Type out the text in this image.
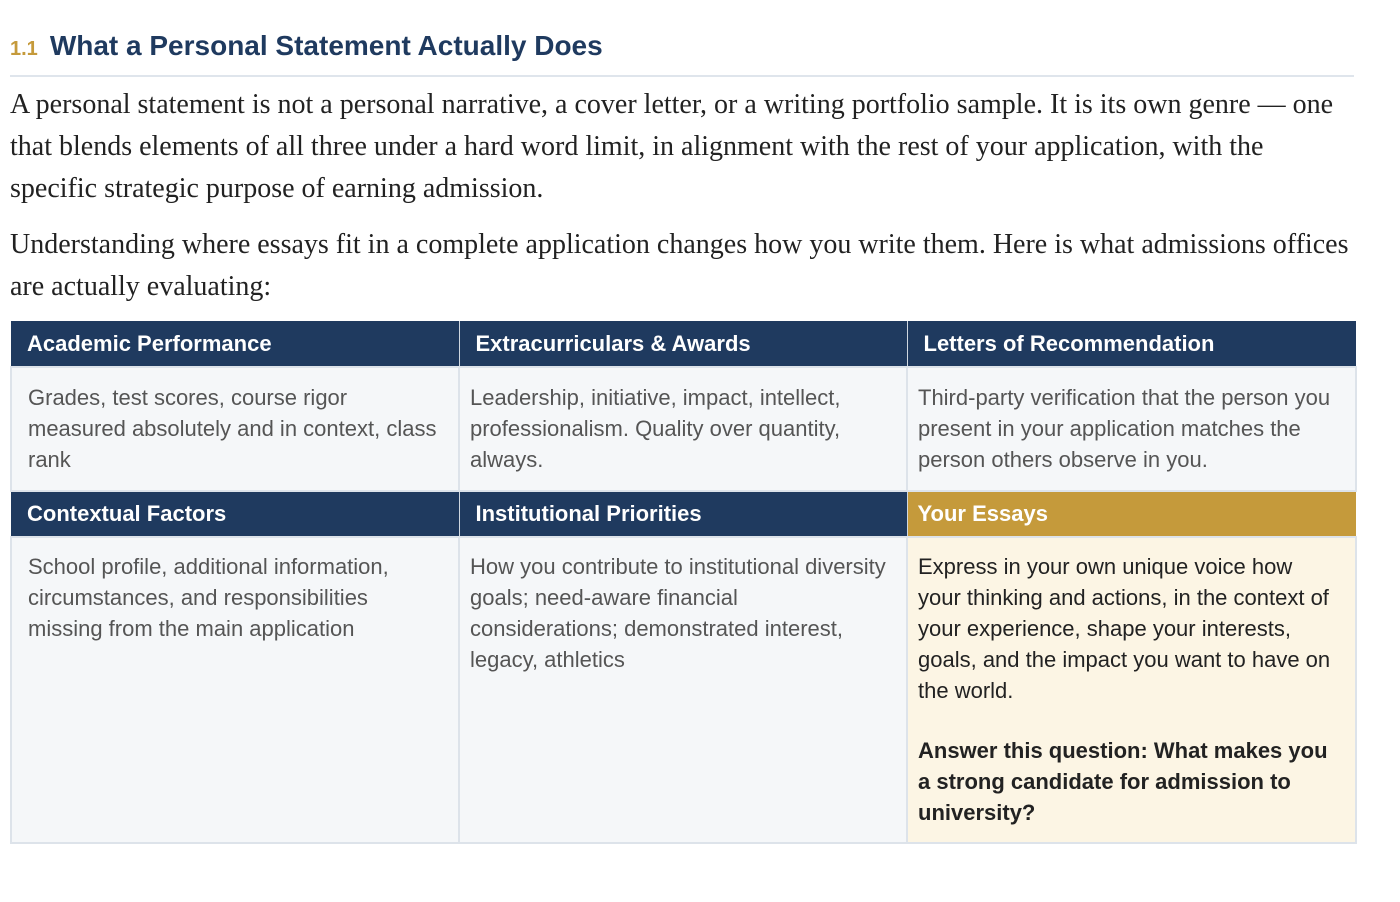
1.1 What a Personal Statement Actually Does

A personal statement is not a personal narrative, a cover letter, or a writing portfolio sample. It is its own genre — one that blends elements of all three under a hard word limit, in alignment with the rest of your application, with the specific strategic purpose of earning admission.

Understanding where essays fit in a complete application changes how you write them. Here is what admissions offices are actually evaluating:

Academic Performance	Extracurriculars & Awards	Letters of Recommendation
Grades, test scores, course rigor measured absolutely and in context, class rank	Leadership, initiative, impact, intellect, professionalism. Quality over quantity, always.	Third-party verification that the person you present in your application matches the person others observe in you.
Contextual Factors	Institutional Priorities	Your Essays
School profile, additional information, circumstances, and responsibilities missing from the main application	How you contribute to institutional diversity goals; need-aware financial considerations; demonstrated interest, legacy, athletics	Express in your own unique voice how your thinking and actions, in the context of your experience, shape your interests, goals, and the impact you want to have on the world.
Answer this question: What makes you a strong candidate for admission to university?
